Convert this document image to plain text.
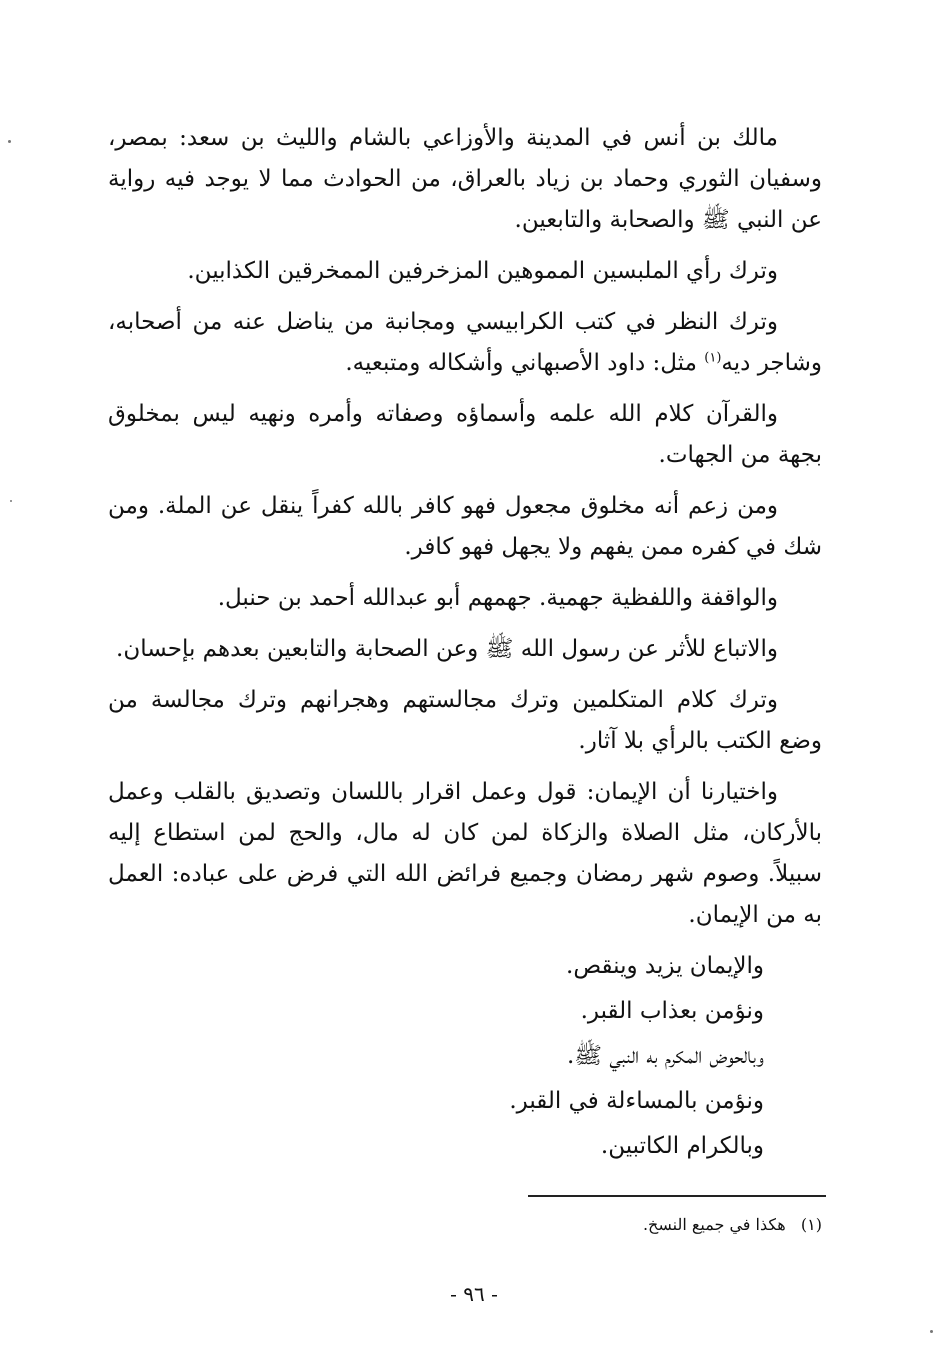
مالك بن أنس في المدينة والأوزاعي بالشام والليث بن سعد: بمصر، وسفيان الثوري وحماد بن زياد بالعراق، من الحوادث مما لا يوجد فيه رواية عن النبي ﷺ والصحابة والتابعين.

وترك رأي الملبسين المموهين المزخرفين الممخرقين الكذابين.

وترك النظر في كتب الكرابيسي ومجانبة من يناضل عنه من أصحابه، وشاجر ديه$^{(١)}$ مثل: داود الأصبهاني وأشكاله ومتبعيه.

والقرآن كلام الله علمه وأسماؤه وصفاته وأمره ونهيه ليس بمخلوق بجهة من الجهات.

ومن زعم أنه مخلوق مجعول فهو كافر بالله كفراً ينقل عن الملة. ومن شك في كفره ممن يفهم ولا يجهل فهو كافر.

والواقفة واللفظية جهمية. جهمهم أبو عبدالله أحمد بن حنبل.

والاتباع للأثر عن رسول الله ﷺ وعن الصحابة والتابعين بعدهم بإحسان.

وترك كلام المتكلمين وترك مجالستهم وهجرانهم وترك مجالسة من وضع الكتب بالرأي بلا آثار.

واختيارنا أن الإيمان: قول وعمل اقرار باللسان وتصديق بالقلب وعمل بالأركان، مثل الصلاة والزكاة لمن كان له مال، والحج لمن استطاع إليه سبيلاً. وصوم شهر رمضان وجميع فرائض الله التي فرض على عباده: العمل به من الإيمان.

والإيمان يزيد وينقص.

ونؤمن بعذاب القبر.

وبالحوض المكرم به النبي ﷺ.

ونؤمن بالمساءلة في القبر.

وبالكرام الكاتبين.

(١)   هكذا في جميع النسخ.
- ٩٦ -
